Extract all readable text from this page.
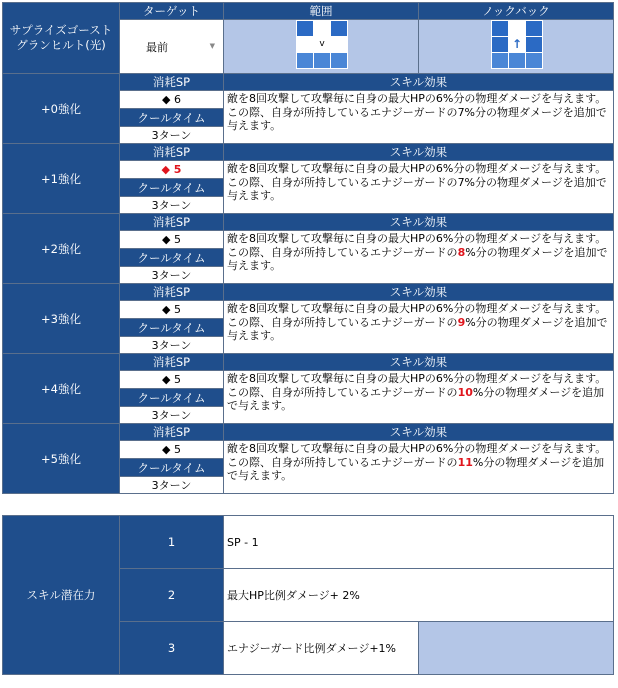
サプライズゴースト
グランヒルト(光)	ターゲット	範囲	ノックバック
最前	▼

		v	

		↑	

+0強化	消耗SP	スキル効果
	◆ 6	敵を8回攻撃して攻撃毎に自身の最大HPの6%分の物理ダメージを与えます。この際、自身が所持しているエナジーガードの7%分の物理ダメージを追加で与えます。
	クールタイム	
	3ターン	
+1強化	消耗SP	スキル効果
	◆ 5	敵を8回攻撃して攻撃毎に自身の最大HPの6%分の物理ダメージを与えます。この際、自身が所持しているエナジーガードの7%分の物理ダメージを追加で与えます。
	クールタイム	
	3ターン	
+2強化	消耗SP	スキル効果
	◆ 5	敵を8回攻撃して攻撃毎に自身の最大HPの6%分の物理ダメージを与えます。この際、自身が所持しているエナジーガードの8%分の物理ダメージを追加で与えます。
	クールタイム	
	3ターン	
+3強化	消耗SP	スキル効果
	◆ 5	敵を8回攻撃して攻撃毎に自身の最大HPの6%分の物理ダメージを与えます。この際、自身が所持しているエナジーガードの9%分の物理ダメージを追加で与えます。
	クールタイム	
	3ターン	
+4強化	消耗SP	スキル効果
	◆ 5	敵を8回攻撃して攻撃毎に自身の最大HPの6%分の物理ダメージを与えます。この際、自身が所持しているエナジーガードの10%分の物理ダメージを追加で与えます。
	クールタイム	
	3ターン	
+5強化	消耗SP	スキル効果
	◆ 5	敵を8回攻撃して攻撃毎に自身の最大HPの6%分の物理ダメージを与えます。この際、自身が所持しているエナジーガードの11%分の物理ダメージを追加で与えます。
	クールタイム	
	3ターン	
スキル潜在力	1	SP - 1	
	2	最大HP比例ダメージ+ 2%	
	3	エナジーガード比例ダメージ+1%	
